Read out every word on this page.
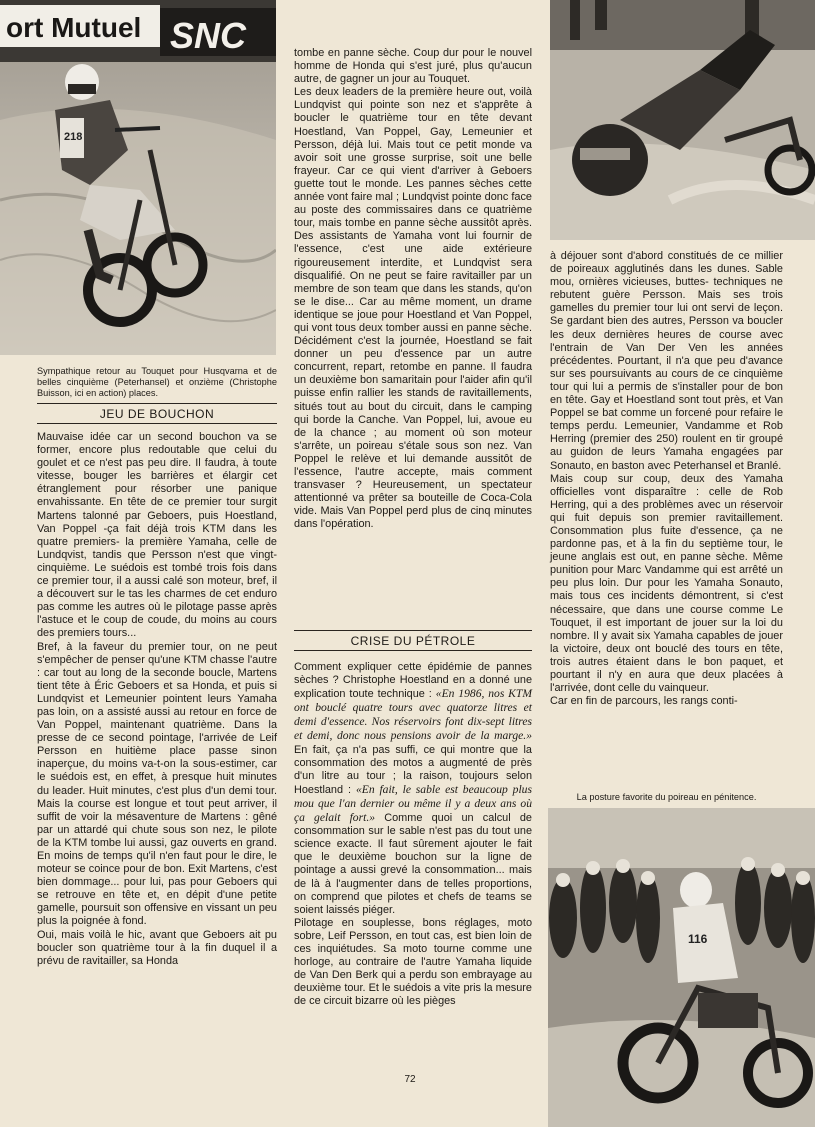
ort Mutuel SNC
218

Sympathique retour au Touquet pour Husqvarna et de belles cinquième (Peterhansel) et onzième (Christophe Buisson, ici en action) places.

JEU DE BOUCHON

Mauvaise idée car un second bouchon va se former, encore plus redoutable que celui du goulet et ce n'est pas peu dire. Il faudra, à toute vitesse, bouger les barrières et élargir cet étranglement pour résorber une panique envahissante. En tête de ce premier tour surgit Martens talonné par Geboers, puis Hoestland, Van Poppel -ça fait déjà trois KTM dans les quatre premiers- la première Yamaha, celle de Lundqvist, tandis que Persson n'est que vingt-cinquième. Le suédois est tombé trois fois dans ce premier tour, il a aussi calé son moteur, bref, il a découvert sur le tas les charmes de cet enduro pas comme les autres où le pilotage passe après l'astuce et le coup de coude, du moins au cours des premiers tours...

Bref, à la faveur du premier tour, on ne peut s'empêcher de penser qu'une KTM chasse l'autre : car tout au long de la seconde boucle, Martens tient tête à Éric Geboers et sa Honda, et puis si Lundqvist et Lemeunier pointent leurs Yamaha pas loin, on a assisté aussi au retour en force de Van Poppel, maintenant quatrième. Dans la presse de ce second pointage, l'arrivée de Leif Persson en huitième place passe sinon inaperçue, du moins va-t-on la sous-estimer, car le suédois est, en effet, à presque huit minutes du leader. Huit minutes, c'est plus d'un demi tour. Mais la course est longue et tout peut arriver, il suffit de voir la mésaventure de Martens : gêné par un attardé qui chute sous son nez, le pilote de la KTM tombe lui aussi, gaz ouverts en grand. En moins de temps qu'il n'en faut pour le dire, le moteur se coince pour de bon. Exit Martens, c'est bien dommage... pour lui, pas pour Geboers qui se retrouve en tête et, en dépit d'une petite gamelle, poursuit son offensive en vissant un peu plus la poignée à fond.

Oui, mais voilà le hic, avant que Geboers ait pu boucler son quatrième tour à la fin duquel il a prévu de ravitailler, sa Honda

tombe en panne sèche. Coup dur pour le nouvel homme de Honda qui s'est juré, plus qu'aucun autre, de gagner un jour au Touquet.

Les deux leaders de la première heure out, voilà Lundqvist qui pointe son nez et s'apprête à boucler le quatrième tour en tête devant Hoestland, Van Poppel, Gay, Lemeunier et Persson, déjà lui. Mais tout ce petit monde va avoir soit une grosse surprise, soit une belle frayeur. Car ce qui vient d'arriver à Geboers guette tout le monde. Les pannes sèches cette année vont faire mal ; Lundqvist pointe donc face au poste des commissaires dans ce quatrième tour, mais tombe en panne sèche aussitôt après. Des assistants de Yamaha vont lui fournir de l'essence, c'est une aide extérieure rigoureusement interdite, et Lundqvist sera disqualifié. On ne peut se faire ravitailler par un membre de son team que dans les stands, qu'on se le dise... Car au même moment, un drame identique se joue pour Hoestland et Van Poppel, qui vont tous deux tomber aussi en panne sèche. Décidément c'est la journée, Hoestland se fait donner un peu d'essence par un autre concurrent, repart, retombe en panne. Il faudra un deuxième bon samaritain pour l'aider afin qu'il puisse enfin rallier les stands de ravitaillements, situés tout au bout du circuit, dans le camping qui borde la Canche. Van Poppel, lui, avoue eu de la chance ; au moment où son moteur s'arrête, un poireau s'étale sous son nez. Van Poppel le relève et lui demande aussitôt de l'essence, l'autre accepte, mais comment transvaser ? Heureusement, un spectateur attentionné va prêter sa bouteille de Coca-Cola vide. Mais Van Poppel perd plus de cinq minutes dans l'opération.

CRISE DU PÉTROLE

Comment expliquer cette épidémie de pannes sèches ? Christophe Hoestland en a donné une explication toute technique : «En 1986, nos KTM ont bouclé quatre tours avec quatorze litres et demi d'essence. Nos réservoirs font dix-sept litres et demi, donc nous pensions avoir de la marge.» En fait, ça n'a pas suffi, ce qui montre que la consommation des motos a augmenté de près d'un litre au tour ; la raison, toujours selon Hoestland : «En fait, le sable est beaucoup plus mou que l'an dernier ou même il y a deux ans où ça gelait fort.» Comme quoi un calcul de consommation sur le sable n'est pas du tout une science exacte. Il faut sûrement ajouter le fait que le deuxième bouchon sur la ligne de pointage a aussi grevé la consommation... mais de là à l'augmenter dans de telles proportions, on comprend que pilotes et chefs de teams se soient laissés piéger.

Pilotage en souplesse, bons réglages, moto sobre, Leif Persson, en tout cas, est bien loin de ces inquiétudes. Sa moto tourne comme une horloge, au contraire de l'autre Yamaha liquide de Van Den Berk qui a perdu son embrayage au deuxième tour. Et le suédois a vite pris la mesure de ce circuit bizarre où les pièges

à déjouer sont d'abord constitués de ce millier de poireaux agglutinés dans les dunes. Sable mou, ornières vicieuses, buttes- techniques ne rebutent guère Persson. Mais ses trois gamelles du premier tour lui ont servi de leçon. Se gardant bien des autres, Persson va boucler les deux dernières heures de course avec l'entrain de Van Der Ven les années précédentes. Pourtant, il n'a que peu d'avance sur ses poursuivants au cours de ce cinquième tour qui lui a permis de s'installer pour de bon en tête. Gay et Hoestland sont tout près, et Van Poppel se bat comme un forcené pour refaire le temps perdu. Lemeunier, Vandamme et Rob Herring (premier des 250) roulent en tir groupé au guidon de leurs Yamaha engagées par Sonauto, en baston avec Peterhansel et Branlé.

Mais coup sur coup, deux des Yamaha officielles vont disparaître : celle de Rob Herring, qui a des problèmes avec un réservoir qui fuit depuis son premier ravitaillement. Consommation plus fuite d'essence, ça ne pardonne pas, et à la fin du septième tour, le jeune anglais est out, en panne sèche. Même punition pour Marc Vandamme qui est arrêté un peu plus loin. Dur pour les Yamaha Sonauto, mais tous ces incidents démontrent, si c'est nécessaire, que dans une course comme Le Touquet, il est important de jouer sur la loi du nombre. Il y avait six Yamaha capables de jouer la victoire, deux ont bouclé des tours en tête, trois autres étaient dans le bon paquet, et pourtant il n'y en aura que deux placées à l'arrivée, dont celle du vainqueur.

Car en fin de parcours, les rangs conti-

La posture favorite du poireau en pénitence.

116

72
